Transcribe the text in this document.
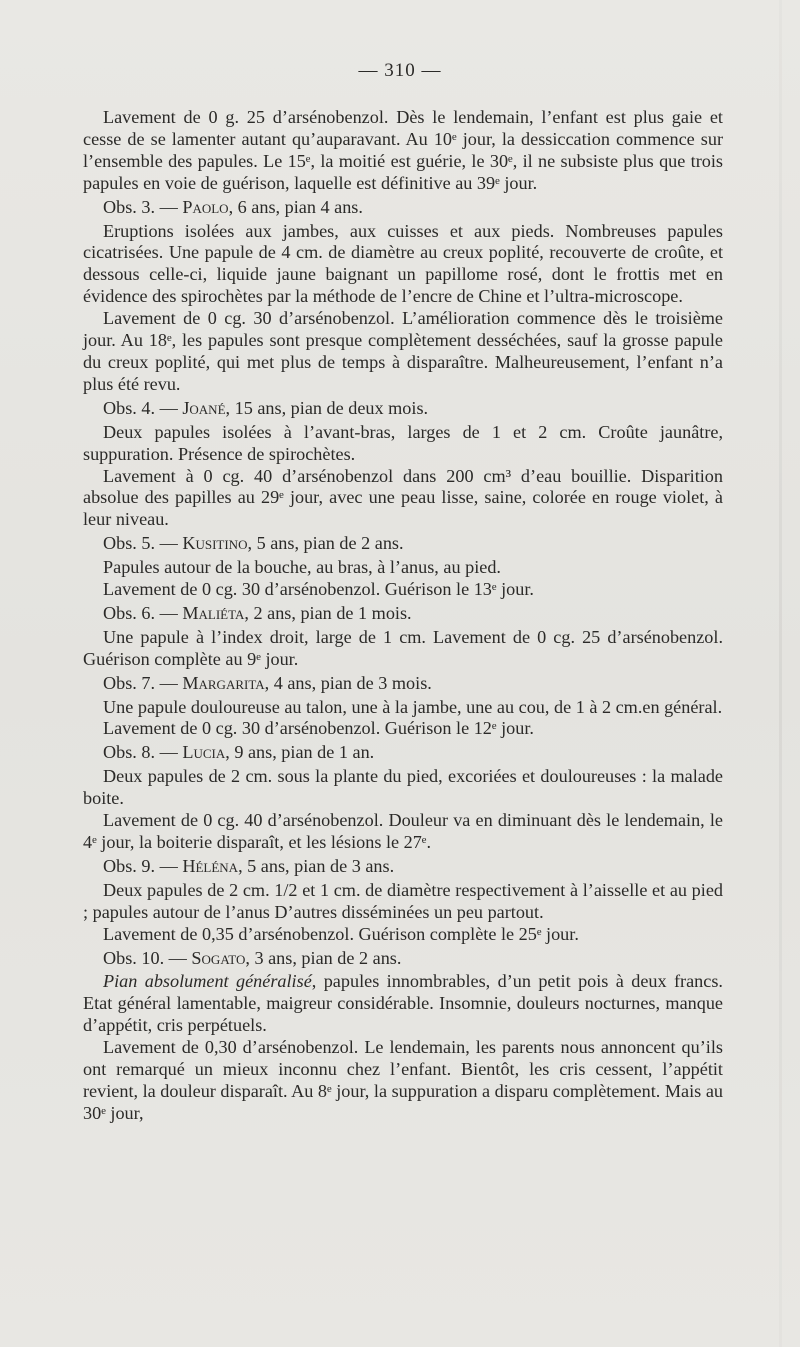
— 310 —

Lavement de 0 g. 25 d’arsénobenzol. Dès le lendemain, l’enfant est plus gaie et cesse de se lamenter autant qu’auparavant. Au 10ᵉ jour, la dessiccation commence sur l’ensemble des papules. Le 15ᵉ, la moitié est guérie, le 30ᵉ, il ne subsiste plus que trois papules en voie de guérison, laquelle est définitive au 39ᵉ jour.

Obs. 3. — Paolo, 6 ans, pian 4 ans.

Eruptions isolées aux jambes, aux cuisses et aux pieds. Nombreuses papules cicatrisées. Une papule de 4 cm. de diamètre au creux poplité, recouverte de croûte, et dessous celle-ci, liquide jaune baignant un papillome rosé, dont le frottis met en évidence des spirochètes par la méthode de l’encre de Chine et l’ultra-microscope.

Lavement de 0 cg. 30 d’arsénobenzol. L’amélioration commence dès le troisième jour. Au 18ᵉ, les papules sont presque complètement desséchées, sauf la grosse papule du creux poplité, qui met plus de temps à disparaître. Malheureusement, l’enfant n’a plus été revu.

Obs. 4. — Joané, 15 ans, pian de deux mois.

Deux papules isolées à l’avant-bras, larges de 1 et 2 cm. Croûte jaunâtre, suppuration. Présence de spirochètes.

Lavement à 0 cg. 40 d’arsénobenzol dans 200 cm³ d’eau bouillie. Disparition absolue des papilles au 29ᵉ jour, avec une peau lisse, saine, colorée en rouge violet, à leur niveau.

Obs. 5. — Kusitino, 5 ans, pian de 2 ans.

Papules autour de la bouche, au bras, à l’anus, au pied.

Lavement de 0 cg. 30 d’arsénobenzol. Guérison le 13ᵉ jour.

Obs. 6. — Maliéta, 2 ans, pian de 1 mois.

Une papule à l’index droit, large de 1 cm. Lavement de 0 cg. 25 d’arsénobenzol. Guérison complète au 9ᵉ jour.

Obs. 7. — Margarita, 4 ans, pian de 3 mois.

Une papule douloureuse au talon, une à la jambe, une au cou, de 1 à 2 cm.en général.

Lavement de 0 cg. 30 d’arsénobenzol. Guérison le 12ᵉ jour.

Obs. 8. — Lucia, 9 ans, pian de 1 an.

Deux papules de 2 cm. sous la plante du pied, excoriées et douloureuses : la malade boite.

Lavement de 0 cg. 40 d’arsénobenzol. Douleur va en diminuant dès le lendemain, le 4ᵉ jour, la boiterie disparaît, et les lésions le 27ᵉ.

Obs. 9. — Héléna, 5 ans, pian de 3 ans.

Deux papules de 2 cm. 1/2 et 1 cm. de diamètre respectivement à l’aisselle et au pied ; papules autour de l’anus D’autres disséminées un peu partout.

Lavement de 0,35 d’arsénobenzol. Guérison complète le 25ᵉ jour.

Obs. 10. — Sogato, 3 ans, pian de 2 ans.

Pian absolument généralisé, papules innombrables, d’un petit pois à deux francs. Etat général lamentable, maigreur considérable. Insomnie, douleurs nocturnes, manque d’appétit, cris perpétuels.

Lavement de 0,30 d’arsénobenzol. Le lendemain, les parents nous annoncent qu’ils ont remarqué un mieux inconnu chez l’enfant. Bientôt, les cris cessent, l’appétit revient, la douleur disparaît. Au 8ᵉ jour, la suppuration a disparu complètement. Mais au 30ᵉ jour,
